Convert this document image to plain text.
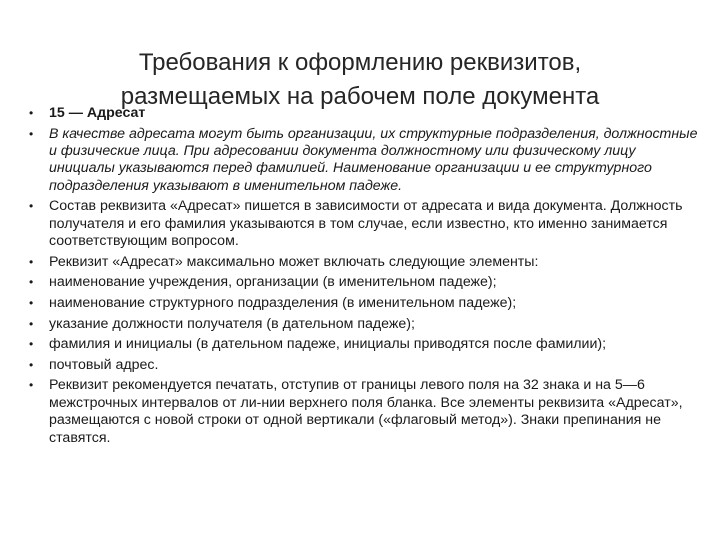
Требования к оформлению реквизитов,
размещаемых на рабочем поле документа
• 15 — Адресат
• В качестве адресата могут быть организации, их структурные подразделения, должностные и физические лица. При адресовании документа должностному или физическому лицу инициалы указываются перед фамилией. Наименование организации и ее структурного подразделения указывают в именительном падеже.
• Состав реквизита «Адресат» пишется в зависимости от адресата и вида документа. Должность получателя и его фамилия указываются в том случае, если известно, кто именно занимается соответствующим вопросом.
• Реквизит «Адресат» максимально может включать следующие элементы:
• наименование учреждения, организации (в именительном падеже);
• наименование структурного подразделения (в именительном падеже);
• указание должности получателя (в дательном падеже);
• фамилия и инициалы (в дательном падеже, инициалы приводятся после фамилии);
• почтовый адрес.
• Реквизит рекомендуется печатать, отступив от границы левого поля на 32 знака и на 5—6 межстрочных интервалов от ли-нии верхнего поля бланка. Все элементы реквизита «Адресат», размещаются с новой строки от одной вертикали («флаговый метод»). Знаки препинания не ставятся.
